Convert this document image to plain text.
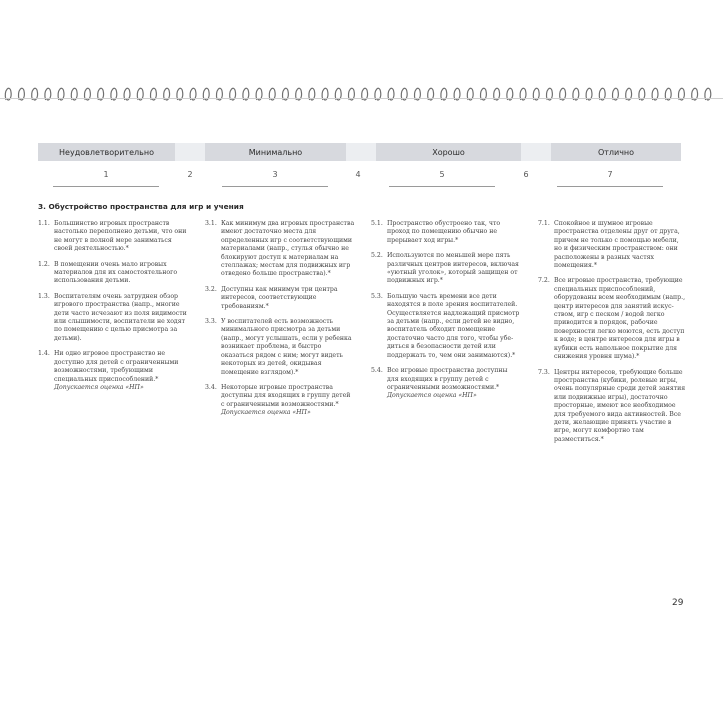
Неудовлетворительно	Минимально	Хорошо	Отлично
1	2	3	4	5	6	7
3. Обустройство пространства для игр и учения
1.1. Большинство игровых пространств настолько переполнено детьми, что они не могут в полной мере заниматься своей деятельностью.*
1.2. В помещении очень мало игровых материалов для их самостоятельного использования детьми.
1.3. Воспитателям очень затруднен обзор игрового пространства (напр., многие дети часто исчезают из поля видимости или слышимости, воспитатели не ходят по помещению с целью присмотра за детьми).
1.4. Ни одно игровое пространство не доступно для детей с ограниченными возможностями, требующими специальных приспособлений.*
Допускается оценка «НП»
3.1. Как минимум два игровых пространства имеют достаточно места для определенных игр с соответствующими материалами (напр., стулья обычно не блокируют доступ к материалам на стеллажах; местам для подвижных игр отведено больше пространства).*
3.2. Доступны как минимум три центра интересов, соответствующие требованиям.*
3.3. У воспитателей есть возможность минимального присмотра за детьми (напр., могут услышать, если у ребенка возникает проблема, и быстро оказаться рядом с ним; могут видеть некоторых из детей, окидывая помещение взглядом).*
3.4. Некоторые игровые пространства доступны для входящих в группу детей с ограниченными возможностями.*
Допускается оценка «НП»
5.1. Пространство обустроено так, что проход по помещению обычно не прерывает ход игры.*
5.2. Используются по меньшей мере пять различных центров интересов, включая «уютный уголок», который защищен от подвижных игр.*
5.3. Большую часть времени все дети находятся в поле зрения воспитателей. Осуществляется надлежащий присмотр за детьми (напр., если детей не видно, воспитатель обходит помещение достаточно часто для того, чтобы убедиться в безопасности детей или поддержать то, чем они занимаются).*
5.4. Все игровые пространства доступны для входящих в группу детей с ограниченными возможностями.*
Допускается оценка «НП»
7.1. Спокойное и шумное игровые пространства отделены друг от друга, причем не только с помощью мебели, но и физическим пространством: они расположены в разных частях помещения.*
7.2. Все игровые пространства, требующие специальных приспособлений, оборудованы всем необходимым (напр., центр интересов для занятий искусством, игр с песком / водой легко приводится в порядок, рабочие поверхности легко моются, есть доступ к воде; в центре интересов для игры в кубики есть напольное покрытие для снижения уровня шума).*
7.3. Центры интересов, требующие больше пространства (кубики, ролевые игры, очень популярные среди детей занятия или подвижные игры), достаточно просторные, имеют все необходимое для требуемого вида активностей. Все дети, желающие принять участие в игре, могут комфортно там разместиться.*
29
